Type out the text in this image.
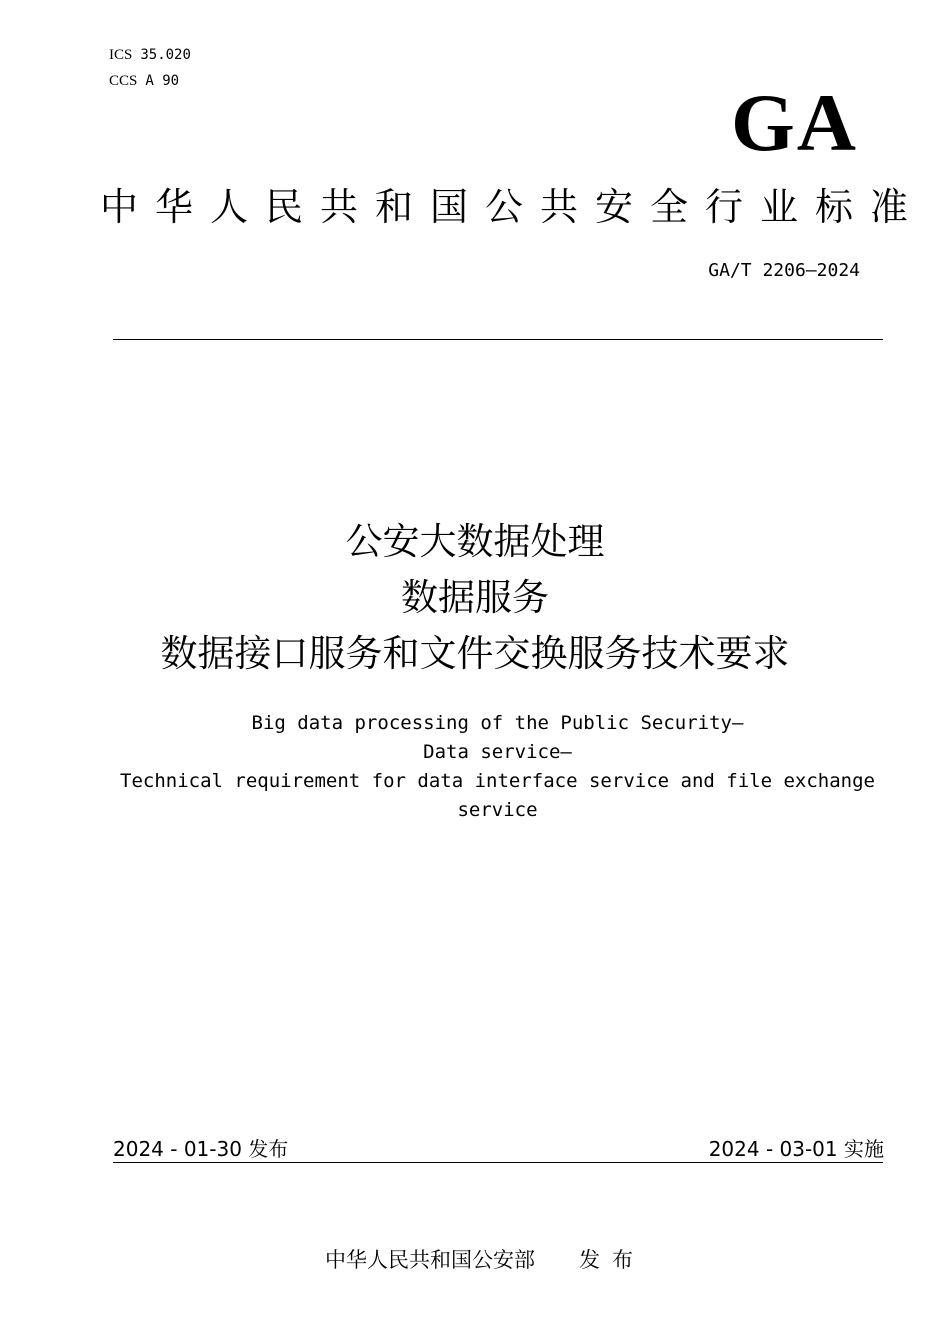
ICS 35.020
CCS A 90	GA
中华人民共和国公共安全行业标准
GA/T 2206—2024
公安大数据处理
数据服务
数据接口服务和文件交换服务技术要求
Big data processing of the Public Security—
Data service—
Technical requirement for data interface service and file exchange
service
2024 - 01-30 发布	2024 - 03-01 实施
中华人民共和国公安部 发布
